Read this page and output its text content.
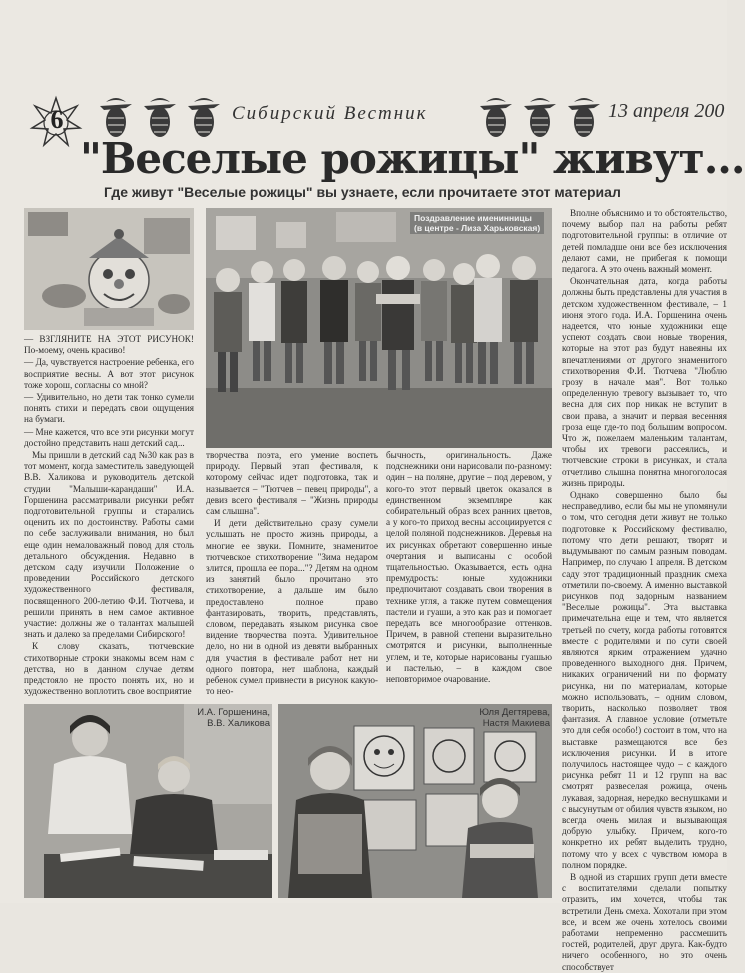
6	Сибирский Вестник	13 апреля 200
"Веселые рожицы" живут...
Где живут "Веселые рожицы" вы узнаете, если прочитаете этот материал

— ВЗГЛЯНИТЕ НА ЭТОТ РИСУНОК! По-моему, очень красиво!

— Да, чувствуется настроение ребенка, его восприятие весны. А вот этот рисунок тоже хорош, согласны со мной?

— Удивительно, но дети так тонко сумели понять стихи и передать свои ощущения на бумаги.

— Мне кажется, что все эти рисунки могут достойно представить наш детский сад...

Мы пришли в детский сад №30 как раз в тот момент, когда заместитель заведующей В.В. Халикова и руководитель детской студии "Малыши-карандаши" И.А. Горшенина рассматривали рисунки ребят подготовительной группы и старались оценить их по достоинству. Работы сами по себе заслуживали внимания, но был еще один немаловажный повод для столь детального обсуждения. Недавно в детском саду изучили Положение о проведении Российского детского художественного фестиваля, посвященного 200-летию Ф.И. Тютчева, и решили принять в нем самое активное участие: должны же о талантах малышей знать и далеко за пределами Сибирского!

К слову сказать, тютчевские стихотворные строки знакомы всем нам с детства, но в данном случае детям предстояло не просто понять их, но и художественно воплотить свое восприятие

Поздравление именинницы
(в центре - Лиза Харьковская)

творчества поэта, его умение воспеть природу. Первый этап фестиваля, к которому сейчас идет подготовка, так и называется – "Тютчев – певец природы", а девиз всего фестиваля – "Жизнь природы сам слышна".

И дети действительно сразу сумели услышать не просто жизнь природы, а многие ее звуки. Помните, знаменитое тютчевское стихотворение "Зима недаром злится, прошла ее пора..."? Детям на одном из занятий было прочитано это стихотворение, а дальше им было предоставлено полное право фантазировать, творить, представлять, словом, передавать языком рисунка свое видение творчества поэта. Удивительное дело, но ни в одной из девяти выбранных для участия в фестивале работ нет ни одного повтора, нет шаблона, каждый ребенок сумел привнести в рисунок какую-то нео-

бычность, оригинальность. Даже подснежники они нарисовали по-разному: один – на поляне, другие – под деревом, у кого-то этот первый цветок оказался в единственном экземпляре как собирательный образ всех ранних цветов, а у кого-то приход весны ассоциируется с целой поляной подснежников. Деревья на их рисунках обретают совершенно иные очертания и выписаны с особой тщательностью. Оказывается, есть одна премудрость: юные художники предпочитают создавать свои творения в технике угля, а также путем совмещения пастели и гуаши, а это как раз и помогает передать все многообразие оттенков. Причем, в равной степени выразительно смотрятся и рисунки, выполненные углем, и те, которые нарисованы гуашью и пастелью, – в каждом свое неповторимое очарование.

Вполне объяснимо и то обстоятельство, почему выбор пал на работы ребят подготовительной группы: в отличие от детей помладше они все без исключения делают сами, не прибегая к помощи педагога. А это очень важный момент.

Окончательная дата, когда работы должны быть представлены для участия в детском художественном фестивале, – 1 июня этого года. И.А. Горшенина очень надеется, что юные художники еще успеют создать свои новые творения, которые на этот раз будут навеяны их впечатлениями от другого знаменитого стихотворения Ф.И. Тютчева "Люблю грозу в начале мая". Вот только определенную тревогу вызывает то, что весна для сих пор никак не вступит в свои права, а значит и первая весенняя гроза еще где-то под большим вопросом. Что ж, пожелаем маленьким талантам, чтобы их тревоги рассеялись, и тютчевские строки в рисунках, и стала отчетливо слышна понятна многоголосая жизнь природы.

Однако совершенно было бы несправедливо, если бы мы не упомянули о том, что сегодня дети живут не только подготовке к Российскому фестивалю, потому что дети решают, творят и выдумывают по самым разным поводам. Например, по случаю 1 апреля. В детском саду этот традиционный праздник смеха отметили по-своему. А именно выставкой рисунков под задорным названием "Веселые рожицы". Эта выставка примечательна еще и тем, что является третьей по счету, когда работы готовятся вместе с родителями и по сути своей являются ярким отражением удачно проведенного выходного дня. Причем, никаких ограничений ни по формату рисунка, ни по материалам, которые можно использовать, – одним словом, творить, насколько позволяет твоя фантазия. А главное условие (отметьте это для себя особо!) состоит в том, что на выставке размещаются все без исключения рисунки. И в итоге получилось настоящее чудо – с каждого рисунка ребят 11 и 12 групп на вас смотрят развеселая рожица, очень лукавая, задорная, нередко веснушками и с высунутым от обилия чувств языком, но всегда очень милая и вызывающая добрую улыбку. Причем, кого-то конкретно их ребят выделить трудно, потому что у всех с чувством юмора в полном порядке.

В одной из старших групп дети вместе с воспитателями сделали попытку отразить, им хочется, чтобы так встретили День смеха. Хохотали при этом все, и всем же очень хотелось своими работами непременно рассмешить гостей, родителей, друг друга. Как-будто ничего особенного, но это очень способствует

И.А. Горшенина,
В.В. Халикова
Юля Дегтярева,
Настя Макиева
